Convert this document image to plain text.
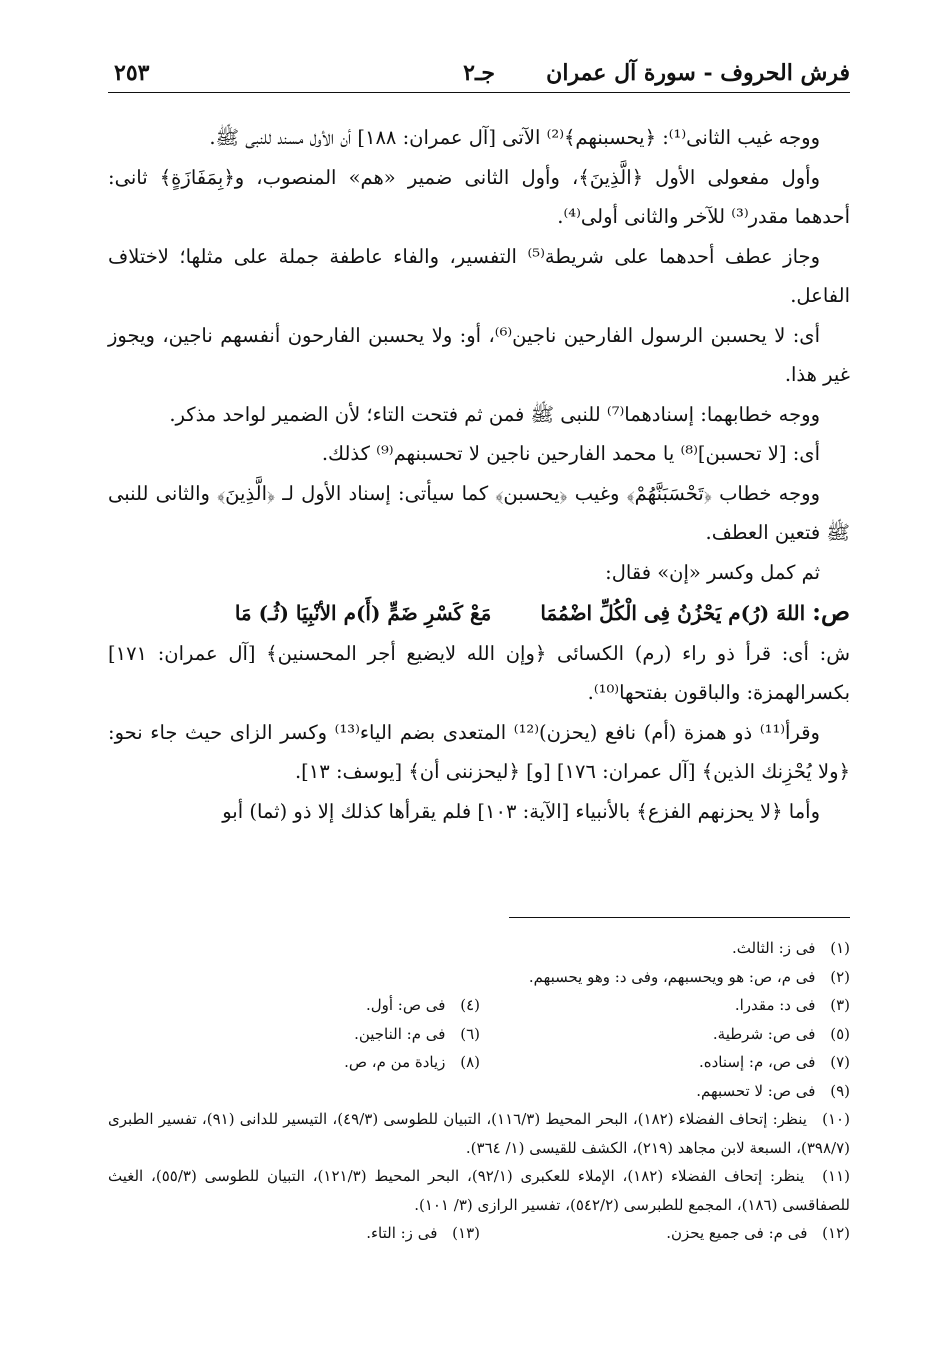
فرش الحروف - سورة آل عمران
جـ٢
٢٥٣

ووجه غيب الثانى⁽¹⁾: ﴿يحسبنهم﴾⁽²⁾ الآتى [آل عمران: ١٨٨] أن الأول مسند للنبى ﷺ.

وأول مفعولى الأول ﴿الَّذِينَ﴾، وأول الثانى ضمير «هم» المنصوب، و﴿بِمَفَازَةٍ﴾ ثانى: أحدهما مقدر⁽³⁾ للآخر والثانى أولى⁽⁴⁾.

وجاز عطف أحدهما على شريطة⁽⁵⁾ التفسير، والفاء عاطفة جملة على مثلها؛ لاختلاف الفاعل.

أى: لا يحسبن الرسول الفارحين ناجين⁽⁶⁾، أو: ولا يحسبن الفارحون أنفسهم ناجين، ويجوز غير هذا.

ووجه خطابهما: إسنادهما⁽⁷⁾ للنبى ﷺ فمن ثم فتحت التاء؛ لأن الضمير لواحد مذكر.

أى: [لا تحسبن]⁽⁸⁾ يا محمد الفارحين ناجين لا تحسبنهم⁽⁹⁾ كذلك.

ووجه خطاب ﴿تَحْسَبَنَّهُمْ﴾ وغيب ﴿يحسبن﴾ كما سيأتى: إسناد الأول لـ ﴿الَّذِينَ﴾ والثانى للنبى ﷺ فتعين العطف.

ثم كمل وكسر «إن» فقال:

ص: اللهَ (رُ)م يَحْزُنُ فِى الْكُلِّ اضْمُمَا مَعْ كَسْرِ ضَمٍّ (أَ)م الأنْبِيَا (ثُـ) مَا

ش: أى: قرأ ذو راء (رم) الكسائى ﴿وإن الله لايضيع أجر المحسنين﴾ [آل عمران: ١٧١] بكسرالهمزة: والباقون بفتحها⁽¹⁰⁾.

وقرأ⁽¹¹⁾ ذو همزة (أم) نافع (يحزن)⁽¹²⁾ المتعدى بضم الياء⁽¹³⁾ وكسر الزاى حيث جاء نحو: ﴿ولا يُحْزِنك الذين﴾ [آل عمران: ١٧٦] [و] ﴿ليحزننى أن﴾ [يوسف: ١٣].

وأما ﴿لا يحزنهم الفزع﴾ بالأنبياء [الآية: ١٠٣] فلم يقرأها كذلك إلا ذو (ثما) أبو

(١) فى ز: الثالث.
(٢) فى م، ص: هو ويحسبهم، وفى د: وهو يحسبهم.
(٣) فى د: مقدرا.
(٤) فى ص: أول.
(٥) فى ص: شرطية.
(٦) فى م: الناجين.
(٧) فى ص، م: إسناده.
(٨) زيادة من م، ص.
(٩) فى ص: لا تحسبهم.
(١٠) ينظر: إتحاف الفضلاء (١٨٢)، البحر المحيط (١١٦/٣)، التبيان للطوسى (٤٩/٣)، التيسير للدانى (٩١)، تفسير الطبرى (٣٩٨/٧)، السبعة لابن مجاهد (٢١٩)، الكشف للقيسى (١/ ٣٦٤).
(١١) ينظر: إتحاف الفضلاء (١٨٢)، الإملاء للعكبرى (٩٢/١)، البحر المحيط (١٢١/٣)، التبيان للطوسى (٥٥/٣)، الغيث للصفاقسى (١٨٦)، المجمع للطبرسى (٥٤٢/٢)، تفسير الرازى (٣/ ١٠١).
(١٢) فى م: فى جميع يحزن.
(١٣) فى ز: التاء.
